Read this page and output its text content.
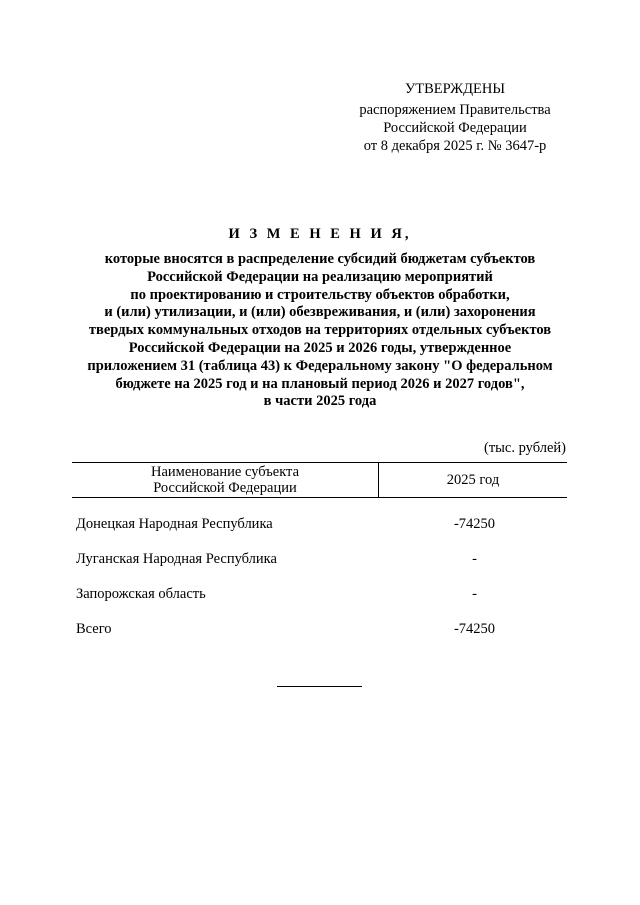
УТВЕРЖДЕНЫ
распоряжением Правительства
Российской Федерации
от 8 декабря 2025 г. № 3647-р
И З М Е Н Е Н И Я,
которые вносятся в распределение субсидий бюджетам субъектов
Российской Федерации на реализацию мероприятий
по проектированию и строительству объектов обработки,
и (или) утилизации, и (или) обезвреживания, и (или) захоронения
твердых коммунальных отходов на территориях отдельных субъектов
Российской Федерации на 2025 и 2026 годы, утвержденное
приложением 31 (таблица 43) к Федеральному закону "О федеральном
бюджете на 2025 год и на плановый период 2026 и 2027 годов",
в части 2025 года
(тыс. рублей)
Наименование субъекта
Российской Федерации	2025 год
Донецкая Народная Республика	-74250
Луганская Народная Республика	-
Запорожская область	-
Всего	-74250
